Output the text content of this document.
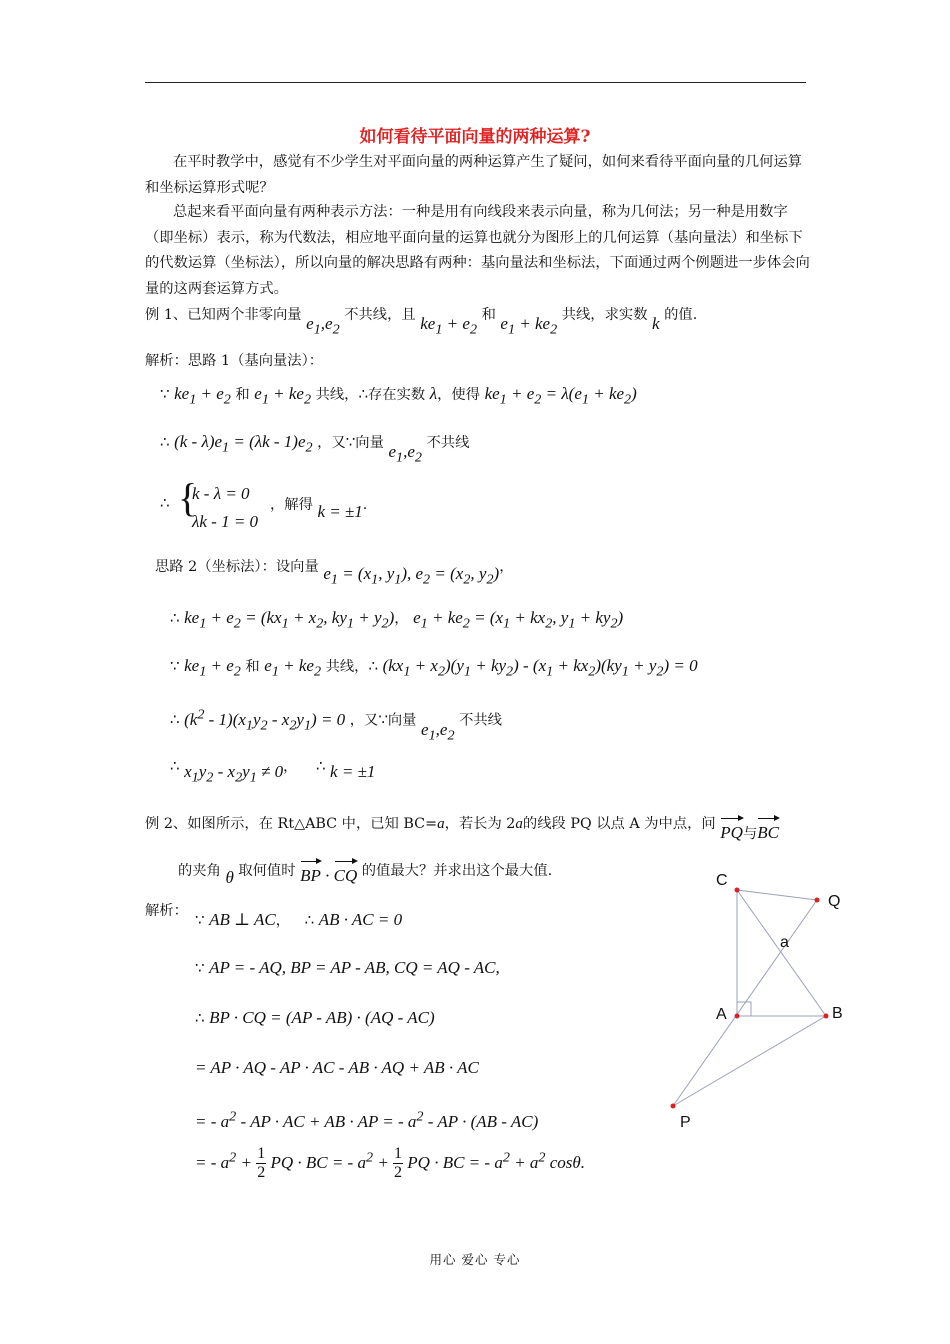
如何看待平面向量的两种运算?

在平时教学中，感觉有不少学生对平面向量的两种运算产生了疑问，如何来看待平面向量的几何运算和坐标运算形式呢？

总起来看平面向量有两种表示方法：一种是用有向线段来表示向量，称为几何法；另一种是用数字（即坐标）表示，称为代数法，相应地平面向量的运算也就分为图形上的几何运算（基向量法）和坐标下的代数运算（坐标法），所以向量的解决思路有两种：基向量法和坐标法，下面通过两个例题进一步体会向量的这两套运算方式。

例 1、已知两个非零向量 $e_1,e_2$ 不共线，且 $ke_1 + e_2$ 和 $e_1 + ke_2$ 共线，求实数 k 的值.
解析：思路 1（基向量法）：
∵ $ke_1 + e_2$ 和 $e_1 + ke_2$ 共线，∴存在实数 λ，使得 $ke_1 + e_2 = \lambda(e_1 + ke_2)$
∴ $(k - \lambda)e_1 = (\lambda k - 1)e_2$ ，又∵向量 $e_1,e_2$ 不共线
∴ {
k - λ = 0
λk - 1 = 0
，解得 k = ±1.
思路 2（坐标法）：设向量 $e_1 = (x_1$, $y_1$), $e_2 = (x_2$, $y_2$)，
∴ $ke_1 + e_2 = (kx_1 + x_2$, $ky_1 + y_2$)， $e_1 + ke_2 = (x_1 + kx_2$, $y_1 + ky_2$)
∵ $ke_1 + e_2$ 和 $e_1 + ke_2$ 共线，∴ $(kx_1 + x_2)(y_1 + ky_2) - (x_1 + kx_2)(ky_1 + y_2) = 0$
∴ $(k^2 - 1)(x_1y_2 - x_2y_1) = 0$ ，又∵向量 $e_1,e_2$ 不共线
∴ $x_1y_2 - x_2y_1 \ne 0$， ∴ k = ±1
例 2、如图所示，在 Rt△ABC 中，已知 BC=a，若长为 2a的线段 PQ 以点 A 为中点，问 PQ与BC
的夹角 θ 取何值时 BP · CQ 的值最大？并求出这个最大值.
解析： ∵ AB ⊥ AC， ∴ AB · AC = 0
∵ AP = - AQ, BP = AP - AB, CQ = AQ - AC,
∴ BP · CQ = (AP - AB) · (AQ - AC)
= AP · AQ - AP · AC - AB · AQ + AB · AC
= - $a^2$ - AP · AC + AB · AP = - $a^2$ - AP · (AB - AC)
= - $a^2 + \frac{1}{2}$ PQ · BC = - $a^2 + \frac{1}{2}$ PQ · BC = - $a^2 + a^2$ cosθ.
C
Q
a
A	B
P
用心 爱心 专心
